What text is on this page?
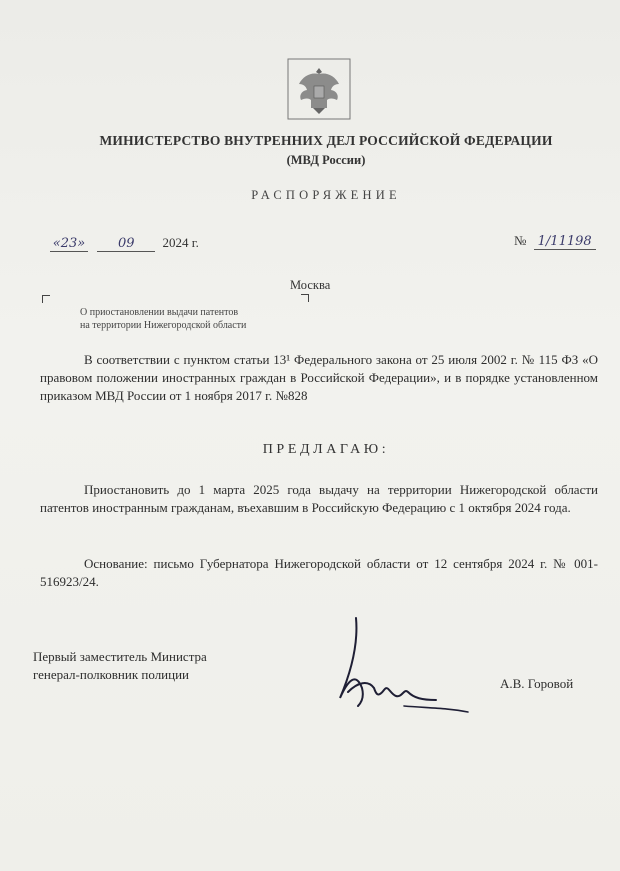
МИНИСТЕРСТВО ВНУТРЕННИХ ДЕЛ РОССИЙСКОЙ ФЕДЕРАЦИИ
(МВД России)
РАСПОРЯЖЕНИЕ
«23»	09 2024 г.	№ 1/11198
Москва
О приостановлении выдачи патентов
на территории Нижегородской области
В соответствии с пунктом статьи 13¹ Федерального закона от 25 июля 2002 г. № 115 ФЗ «О правовом положении иностранных граждан в Российской Федерации», и в порядке установленном приказом МВД России от 1 ноября 2017 г. №828
ПРЕДЛАГАЮ:
Приостановить до 1 марта 2025 года выдачу на территории Нижегородской области патентов иностранным гражданам, въехавшим в Российскую Федерацию с 1 октября 2024 года.
Основание: письмо Губернатора Нижегородской области от 12 сентября 2024 г. № 001-516923/24.
Первый заместитель Министра
генерал-полковник полиции
А.В. Горовой
